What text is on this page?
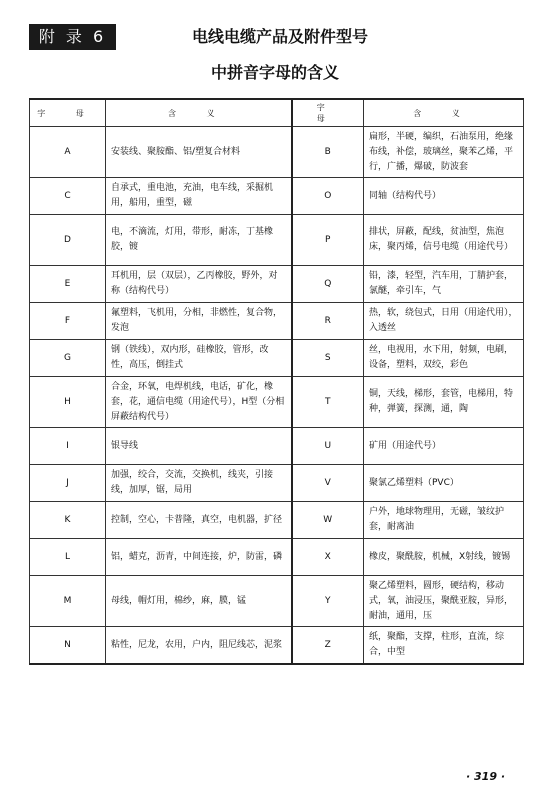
附 录 6	电线电缆产品及附件型号
中拼音字母的含义
字 母	含 义	字 母	含 义
A	安装线、聚胺酯、铝/塑复合材料	B	扁形，半硬，编织，石油泵用，绝缘布线，补偿，玻璃丝，聚苯乙烯，平行，广播，爆破，防波套
C	自承式，重电池，充油，电车线，采掘机用，船用，重型，磁	O	同轴（结构代号）
D	电，不滴流，灯用，带形，耐冻，丁基橡胶，镀	P	排状，屏蔽，配线，贫油型，焦泡床，聚丙烯，信号电缆（用途代号）
E	耳机用，层（双层），乙丙橡胶，野外，对称（结构代号）	Q	铅，漆，轻型，汽车用，丁腈护套，氯醚，牵引车，气
F	氟塑料，飞机用，分相，非燃性，复合物，发泡	R	热，软，绕包式，日用（用途代用），入透丝
G	钢（铁线），双内形，硅橡胶，管形，改性，高压，倒挂式	S	丝，电视用，水下用，射频，电刷，设备，塑料，双绞，彩色
H	合金，环氧，电焊机线，电话，矿化，橡套，花，通信电缆（用途代号），H型（分相屏蔽结构代号）	T	铜，天线，梯形，套管，电梯用，特种，弹簧，探测，通，陶
I	银导线	U	矿用（用途代号）
J	加强，绞合，交流，交换机，线夹，引接线，加厚，锯，局用	V	聚氯乙烯塑料（PVC）
K	控制，空心，卡普隆，真空，电机器，扩径	W	户外，地球物理用，无磁，皱纹护套，耐离油
L	铝，蜡克，沥青，中间连接，炉，防雷，磷	X	橡皮，聚酰胺，机械，X射线，镀锡
M	母线，帽灯用，棉纱，麻，膜，锰	Y	聚乙烯塑料，圆形，硬结构，移动式，氧，油浸压，聚酰亚胺，异形，耐油，通用，压
N	粘性，尼龙，农用，户内，阻尼线芯，泥浆	Z	纸，聚酯，支撑，柱形，直流，综合，中型
· 319 ·
